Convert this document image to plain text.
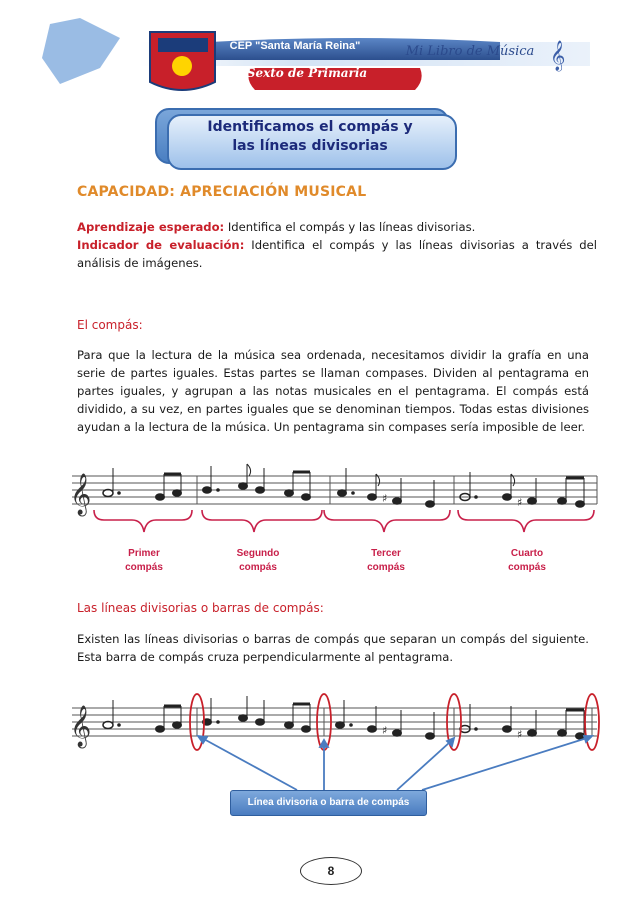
𝄞
CEP "Santa María Reina"	Mi Libro de Música
Sexto de Primaria
Identificamos el compás y
las líneas divisorias
CAPACIDAD: APRECIACIÓN MUSICAL
Aprendizaje esperado: Identifica el compás y las líneas divisorias.
Indicador de evaluación: Identifica el compás y las líneas divisorias a través del análisis de imágenes.
El compás:
Para que la lectura de la música sea ordenada, necesitamos dividir la grafía en una serie de partes iguales. Estas partes se llaman compases. Dividen al pentagrama en partes iguales, y agrupan a las notas musicales en el pentagrama. El compás está dividido, a su vez, en partes iguales que se denominan tiempos. Todas estas divisiones ayudan a la lectura de la música. Un pentagrama sin compases sería imposible de leer.
𝄞	♯	♯
Primer
compás
Segundo
compás
Tercer
compás
Cuarto
compás
Las líneas divisorias o barras de compás:
Existen las líneas divisorias o barras de compás que separan un compás del siguiente. Esta barra de compás cruza perpendicularmente al pentagrama.
𝄞	♯	♯
Línea divisoria o barra de compás
8
